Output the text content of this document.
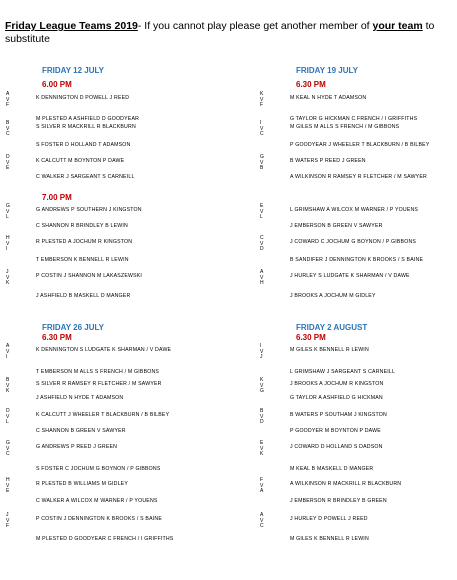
Friday League Teams 2019- If you cannot play please get another member of your team to substitute
FRIDAY 12 JULY
6.00 PM
A
V
F
K DENNINGTON D POWELL J REED

M PLESTED A ASHFIELD D GOODYEAR
B
V
C
S SILVER R MACKRILL R BLACKBURN

S FOSTER D HOLLAND T ADAMSON
D
V
E
K CALCUTT M BOYNTON P DAWE

C WALKER J SARGEANT S CARNEILL
7.00 PM
G
V
L
G ANDREWS P SOUTHERN J KINGSTON

C SHANNON R BRINDLEY B LEWIN
H
V
I
R PLESTED A JOCHUM R KINGSTON

T EMBERSON K BENNELL R LEWIN
J
V
K
P COSTIN J SHANNON M LAKASZEWSKI

J ASHFIELD B MASKELL D MANGER
FRIDAY 19 JULY
6.30 PM
K
V
F
M KEAL N HYDE T ADAMSON

G TAYLOR G HICKMAN C FRENCH / I GRIFFITHS
I
V
C
M GILES M ALLS S FRENCH / M GIBBONS

P GOODYEAR J WHEELER T BLACKBURN / B BILBEY
G
V
B
B WATERS P REED J GREEN

A WILKINSON R RAMSEY R FLETCHER / M SAWYER
E
V
L
L GRIMSHAW A WILCOX M WARNER / P YOUENS

J EMBERSON B GREEN V SAWYER
C
V
D
J COWARD C JOCHUM G BOYNON / P GIBBONS

B SANDIFER J DENNINGTON K BROOKS / S BAINE
A
V
H
J HURLEY S LUDGATE K SHARMAN / V DAWE

J BROOKS A JOCHUM M GIDLEY
FRIDAY 26 JULY
6.30 PM
A
V
I
K DENNINGTON S LUDGATE K SHARMAN / V DAWE

T EMBERSON M ALLS S FRENCH / M GIBBONS
B
V
K
S SILVER R RAMSEY R FLETCHER / M SAWYER

J ASHFIELD N HYDE T ADAMSON
D
V
L
K CALCUTT J WHEELER T BLACKBURN / B BILBEY

C SHANNON B GREEN V SAWYER
G
V
C
G ANDREWS P REED J GREEN

S FOSTER C JOCHUM G BOYNON / P GIBBONS
H
V
E
R PLESTED B WILLIAMS M GIDLEY

C WALKER A WILCOX M WARNER / P YOUENS
J
V
F
P COSTIN J DENNINGTON K BROOKS / S BAINE

M PLESTED D GOODYEAR C FRENCH / I GRIFFITHS
FRIDAY 2 AUGUST
6.30 PM
I
V
J
M GILES K BENNELL R LEWIN

L GRIMSHAW J SARGEANT S CARNEILL
K
V
G
J BROOKS A JOCHUM R KINGSTON

G TAYLOR A ASHFIELD G HICKMAN
B
V
D
B WATERS P SOUTHAM J KINGSTON

P GOODYER M BOYNTON P DAWE
E
V
K
J COWARD D HOLLAND S DADSON

M KEAL B MASKELL D MANGER
F
V
A
A WILKINSON R MACKRILL R BLACKBURN

J EMBERSON R BRINDLEY B GREEN
A
V
C
J HURLEY D POWELL J REED

M GILES K BENNELL R LEWIN
